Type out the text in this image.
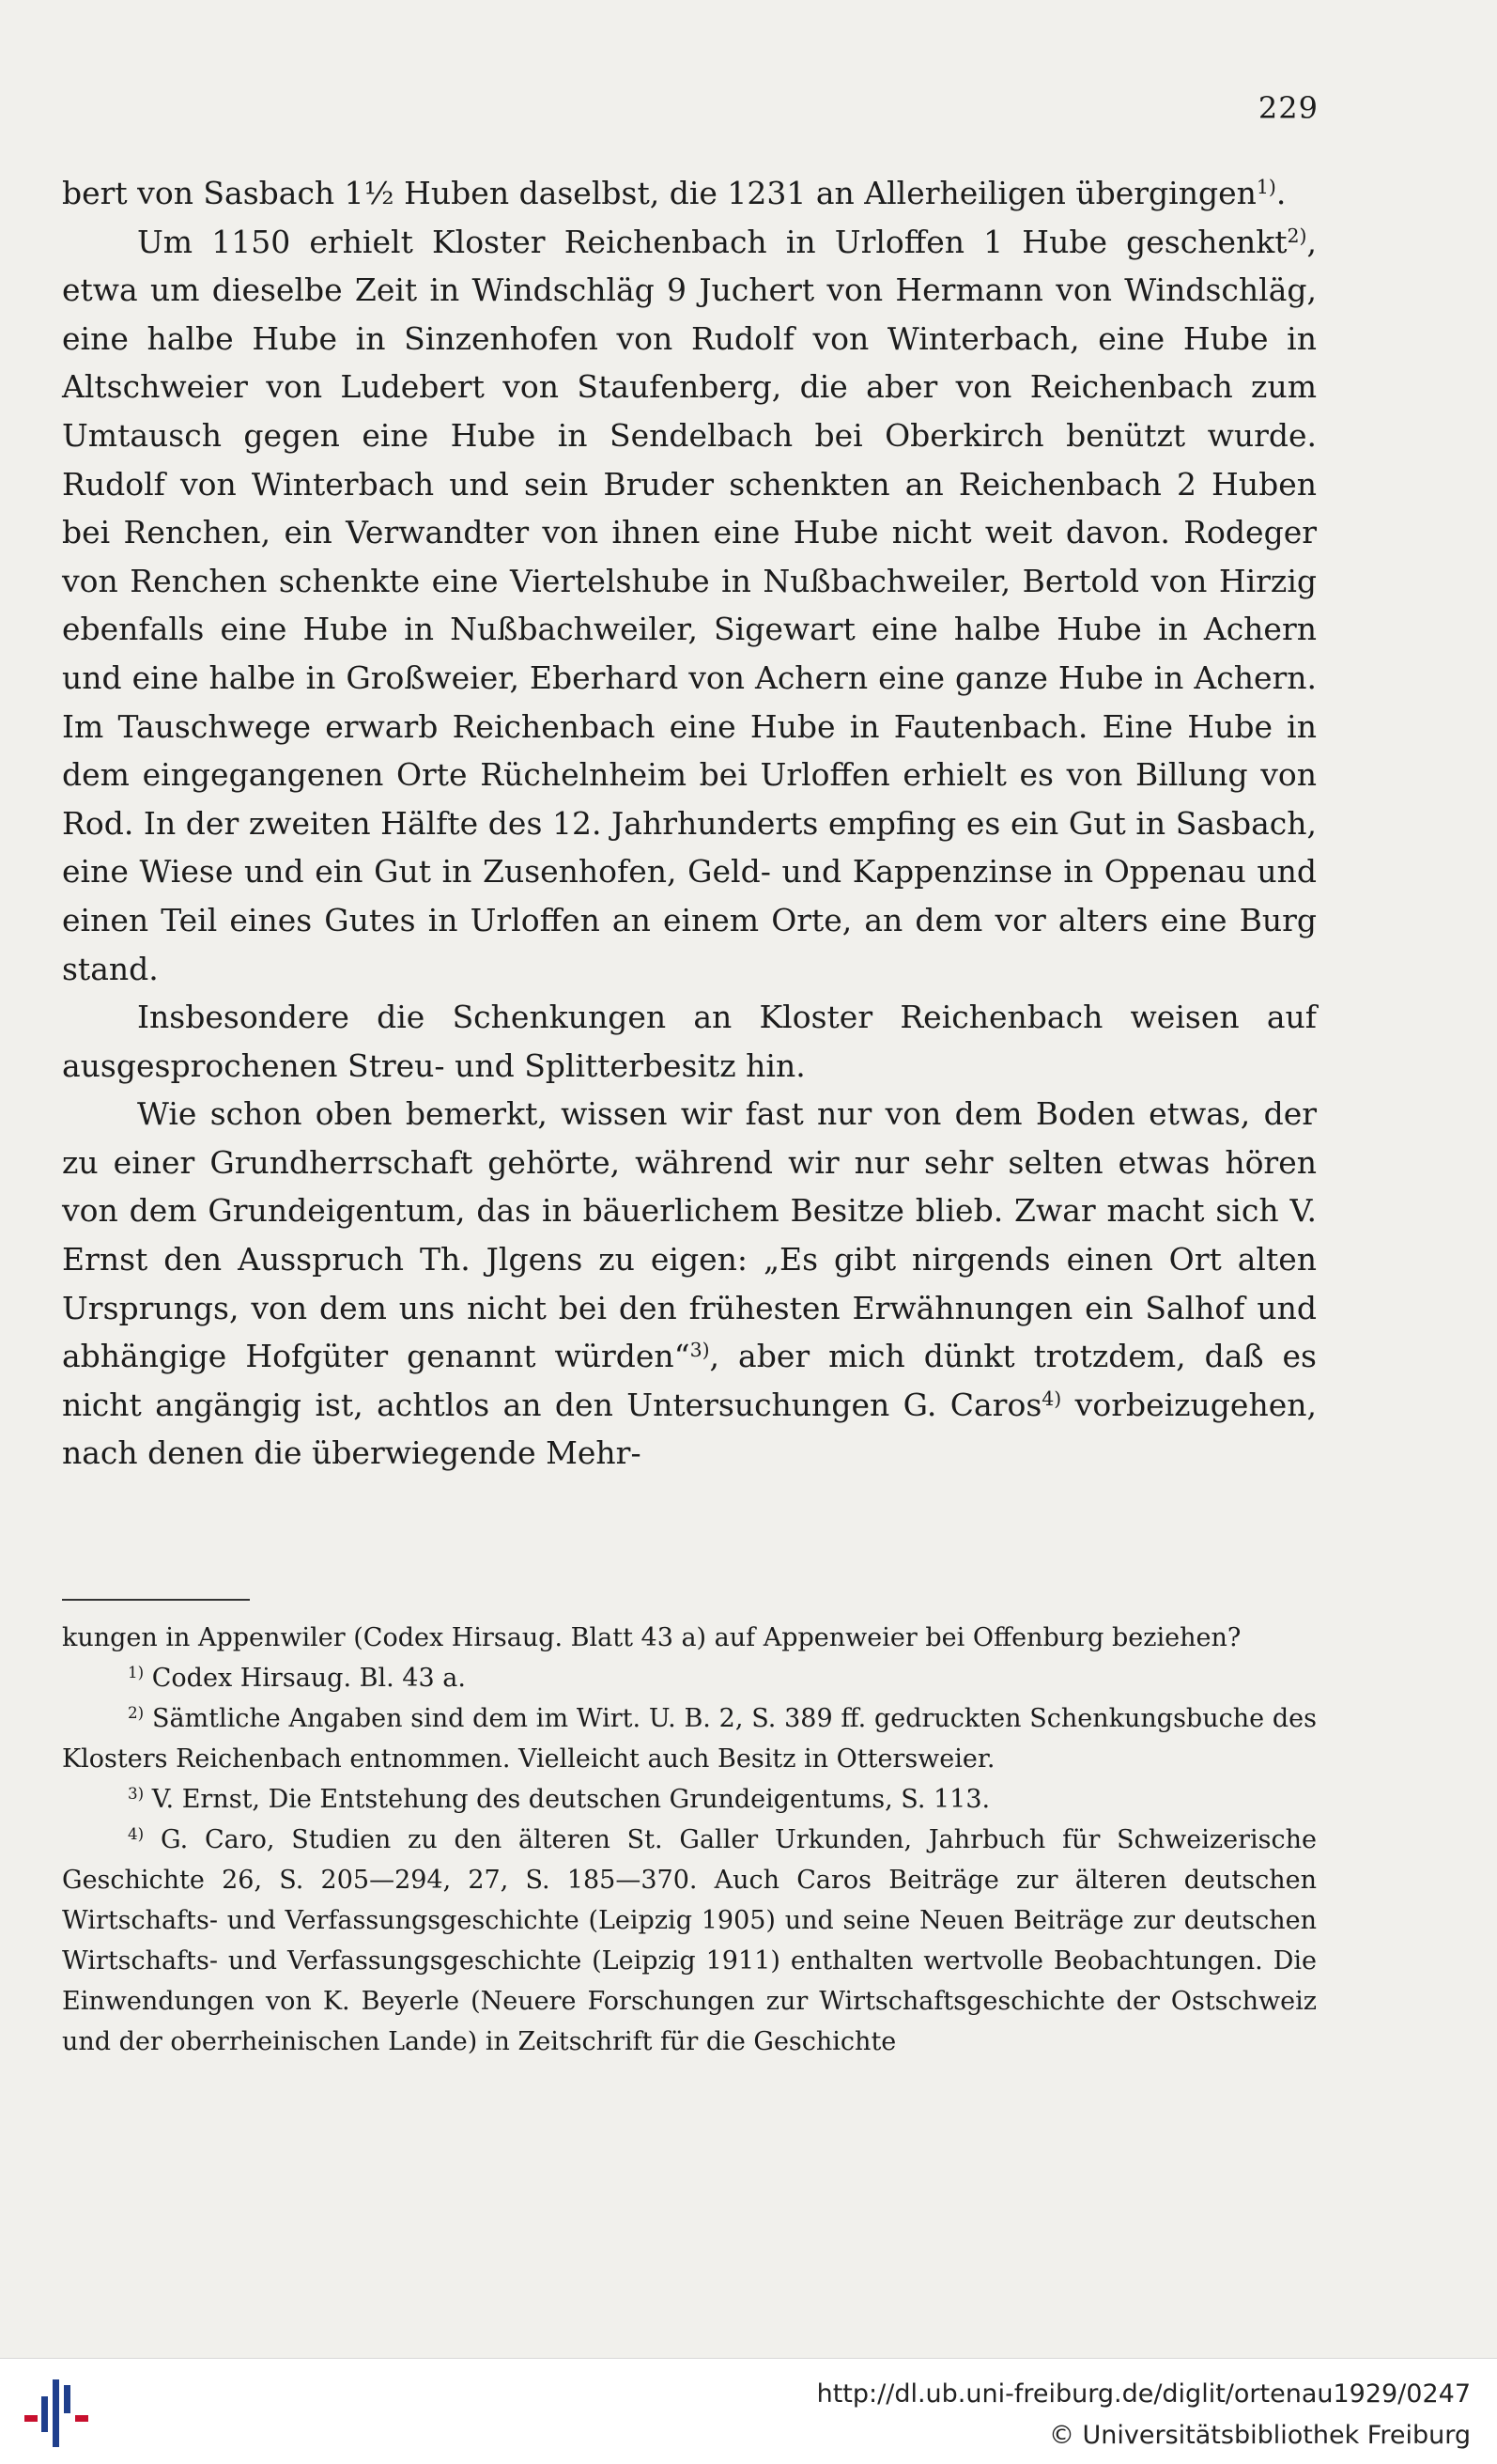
229

bert von Sasbach 1½ Huben daselbst, die 1231 an Allerheiligen übergingen$^{1)}$.

Um 1150 erhielt Kloster Reichenbach in Urloffen 1 Hube geschenkt$^{2)}$, etwa um dieselbe Zeit in Windschläg 9 Juchert von Hermann von Windschläg, eine halbe Hube in Sinzenhofen von Rudolf von Winterbach, eine Hube in Altschweier von Ludebert von Staufenberg, die aber von Reichenbach zum Umtausch gegen eine Hube in Sendelbach bei Oberkirch benützt wurde. Rudolf von Winterbach und sein Bruder schenkten an Reichenbach 2 Huben bei Renchen, ein Verwandter von ihnen eine Hube nicht weit davon. Rodeger von Renchen schenkte eine Viertelshube in Nußbachweiler, Bertold von Hirzig ebenfalls eine Hube in Nußbachweiler, Sigewart eine halbe Hube in Achern und eine halbe in Großweier, Eberhard von Achern eine ganze Hube in Achern. Im Tauschwege erwarb Reichenbach eine Hube in Fautenbach. Eine Hube in dem eingegangenen Orte Rüchelnheim bei Urloffen erhielt es von Billung von Rod. In der zweiten Hälfte des 12. Jahrhunderts empfing es ein Gut in Sasbach, eine Wiese und ein Gut in Zusenhofen, Geld- und Kappenzinse in Oppenau und einen Teil eines Gutes in Urloffen an einem Orte, an dem vor alters eine Burg stand.

Insbesondere die Schenkungen an Kloster Reichenbach weisen auf ausgesprochenen Streu- und Splitterbesitz hin.

Wie schon oben bemerkt, wissen wir fast nur von dem Boden etwas, der zu einer Grundherrschaft gehörte, während wir nur sehr selten etwas hören von dem Grundeigentum, das in bäuerlichem Besitze blieb. Zwar macht sich V. Ernst den Ausspruch Th. Jlgens zu eigen: „Es gibt nirgends einen Ort alten Ursprungs, von dem uns nicht bei den frühesten Erwähnungen ein Salhof und abhängige Hofgüter genannt würden“$^{3)}$, aber mich dünkt trotzdem, daß es nicht angängig ist, achtlos an den Untersuchungen G. Caros$^{4)}$ vorbeizugehen, nach denen die überwiegende Mehr-

kungen in Appenwiler (Codex Hirsaug. Blatt 43 a) auf Appenweier bei Offenburg beziehen?

$^{1)}$ Codex Hirsaug. Bl. 43 a.

$^{2)}$ Sämtliche Angaben sind dem im Wirt. U. B. 2, S. 389 ff. gedruckten Schenkungsbuche des Klosters Reichenbach entnommen. Vielleicht auch Besitz in Ottersweier.

$^{3)}$ V. Ernst, Die Entstehung des deutschen Grundeigentums, S. 113.

$^{4)}$ G. Caro, Studien zu den älteren St. Galler Urkunden, Jahrbuch für Schweizerische Geschichte 26, S. 205—294, 27, S. 185—370. Auch Caros Beiträge zur älteren deutschen Wirtschafts- und Verfassungsgeschichte (Leipzig 1905) und seine Neuen Beiträge zur deutschen Wirtschafts- und Verfassungsgeschichte (Leipzig 1911) enthalten wertvolle Beobachtungen. Die Einwendungen von K. Beyerle (Neuere Forschungen zur Wirtschaftsgeschichte der Ostschweiz und der oberrheinischen Lande) in Zeitschrift für die Geschichte

http://dl.ub.uni-freiburg.de/diglit/ortenau1929/0247
© Universitätsbibliothek Freiburg
